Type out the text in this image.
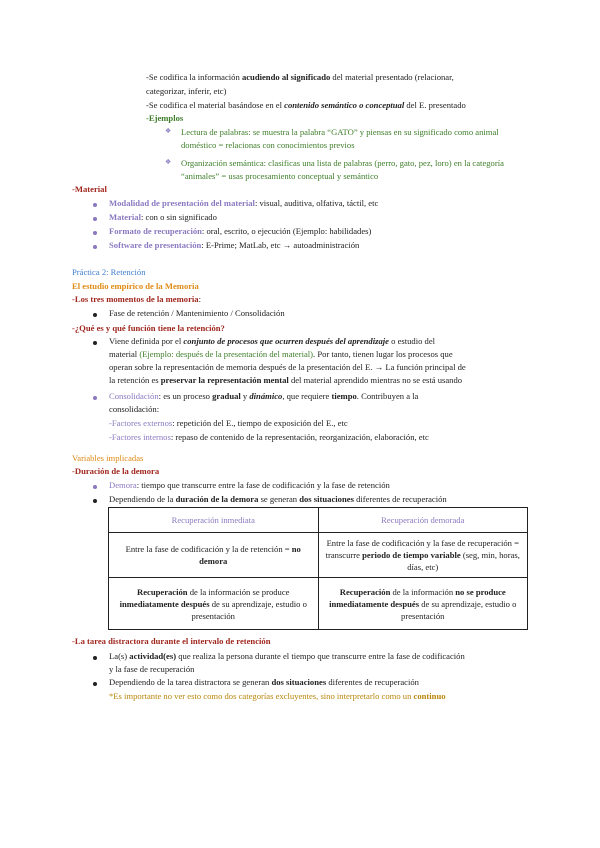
-Se codifica la información acudiendo al significado del material presentado (relacionar,
categorizar, inferir, etc)
-Se codifica el material basándose en el contenido semántico o conceptual del E. presentado
-Ejemplos
❖ Lectura de palabras: se muestra la palabra “GATO” y piensas en su significado como animal doméstico = relacionas con conocimientos previos
❖ Organización semántica: clasificas una lista de palabras (perro, gato, pez, loro) en la categoría “animales” = usas procesamiento conceptual y semántico
-Material
Modalidad de presentación del material: visual, auditiva, olfativa, táctil, etc
Material: con o sin significado
Formato de recuperación: oral, escrito, o ejecución (Ejemplo: habilidades)
Software de presentación: E-Prime; MatLab, etc → autoadministración
Práctica 2: Retención
El estudio empírico de la Memoria
-Los tres momentos de la memoria:
Fase de retención / Mantenimiento / Consolidación
-¿Qué es y qué función tiene la retención?
Viene definida por el conjunto de procesos que ocurren después del aprendizaje o estudio del
material (Ejemplo: después de la presentación del material). Por tanto, tienen lugar los procesos que
operan sobre la representación de memoria después de la presentación del E. → La función principal de
la retención es preservar la representación mental del material aprendido mientras no se está usando
Consolidación: es un proceso gradual y dinámico, que requiere tiempo. Contribuyen a la
consolidación:
-Factores externos: repetición del E., tiempo de exposición del E., etc
-Factores internos: repaso de contenido de la representación, reorganización, elaboración, etc
Variables implicadas
-Duración de la demora
Demora: tiempo que transcurre entre la fase de codificación y la fase de retención
Dependiendo de la duración de la demora se generan dos situaciones diferentes de recuperación
Recuperación inmediata	Recuperación demorada
Entre la fase de codificación y la de retención = no demora	Entre la fase de codificación y la fase de recuperación = transcurre periodo de tiempo variable (seg, min, horas, días, etc)
Recuperación de la información se produce inmediatamente después de su aprendizaje, estudio o presentación	Recuperación de la información no se produce inmediatamente después de su aprendizaje, estudio o presentación
-La tarea distractora durante el intervalo de retención
La(s) actividad(es) que realiza la persona durante el tiempo que transcurre entre la fase de codificación
y la fase de recuperación
Dependiendo de la tarea distractora se generan dos situaciones diferentes de recuperación
*Es importante no ver esto como dos categorías excluyentes, sino interpretarlo como un continuo
